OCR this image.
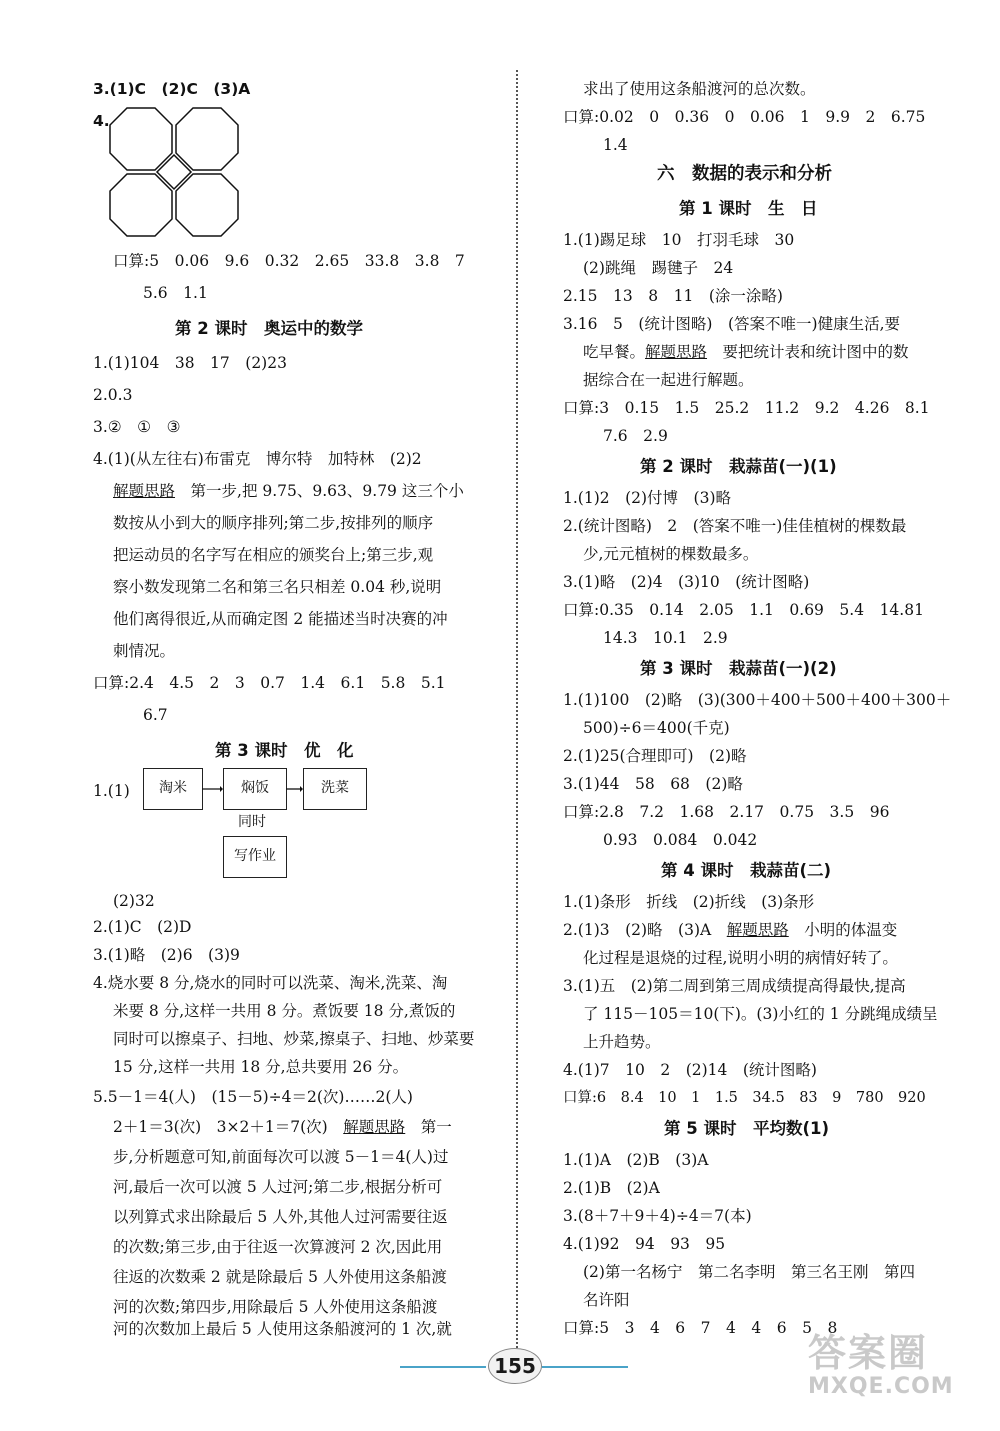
3.(1)C　(2)C　(3)A
4.
口算:5　0.06　9.6　0.32　2.65　33.8　3.8　7
5.6　1.1
第 2 课时　奥运中的数学
1.(1)104　38　17　(2)23
2.0.3
3.②　①　③
4.(1)(从左往右)布雷克　博尔特　加特林　(2)2
解题思路　 第一步,把 9.75、9.63、9.79 这三个小
数按从小到大的顺序排列;第二步,按排列的顺序
把运动员的名字写在相应的颁奖台上;第三步,观
察小数发现第二名和第三名只相差 0.04 秒,说明
他们离得很近,从而确定图 2 能描述当时决赛的冲
刺情况。
口算:2.4　4.5　2　3　0.7　1.4　6.1　5.8　5.1
6.7
第 3 课时　优　化
1.(1)	淘米	焖饭	洗菜
同时
写作业
(2)32
2.(1)C　(2)D
3.(1)略　(2)6　(3)9
4.烧水要 8 分,烧水的同时可以洗菜、淘米,洗菜、淘
米要 8 分,这样一共用 8 分。煮饭要 18 分,煮饭的
同时可以擦桌子、扫地、炒菜,擦桌子、扫地、炒菜要
15 分,这样一共用 18 分,总共要用 26 分。
5.5－1＝4(人)　(15－5)÷4＝2(次)……2(人)
2＋1＝3(次)　3×2＋1＝7(次)　 解题思路　 第一
步,分析题意可知,前面每次可以渡 5－1＝4(人)过
河,最后一次可以渡 5 人过河;第二步,根据分析可
以列算式求出除最后 5 人外,其他人过河需要往返
的次数;第三步,由于往返一次算渡河 2 次,因此用
往返的次数乘 2 就是除最后 5 人外使用这条船渡
河的次数;第四步,用除最后 5 人外使用这条船渡
河的次数加上最后 5 人使用这条船渡河的 1 次,就
求出了使用这条船渡河的总次数。
口算:0.02　0　0.36　0　0.06　1　9.9　2　6.75
1.4
六　数据的表示和分析
第 1 课时　生　日
1.(1)踢足球　10　打羽毛球　30
(2)跳绳　踢毽子　24
2.15　13　8　11　(涂一涂略)
3.16　5　(统计图略)　(答案不唯一)健康生活,要
吃早餐。解题思路　 要把统计表和统计图中的数
据综合在一起进行解题。
口算:3　0.15　1.5　25.2　11.2　9.2　4.26　8.1
7.6　2.9
第 2 课时　栽蒜苗(一)(1)
1.(1)2　(2)付博　(3)略
2.(统计图略)　2　(答案不唯一)佳佳植树的棵数最
少,元元植树的棵数最多。
3.(1)略　(2)4　(3)10　(统计图略)
口算:0.35　0.14　2.05　1.1　0.69　5.4　14.81
14.3　10.1　2.9
第 3 课时　栽蒜苗(一)(2)
1.(1)100　(2)略　(3)(300＋400＋500＋400＋300＋
500)÷6＝400(千克)
2.(1)25(合理即可)　(2)略
3.(1)44　58　68　(2)略
口算:2.8　7.2　1.68　2.17　0.75　3.5　96
0.93　0.084　0.042
第 4 课时　栽蒜苗(二)
1.(1)条形　折线　(2)折线　(3)条形
2.(1)3　(2)略　(3)A　 解题思路　 小明的体温变
化过程是退烧的过程,说明小明的病情好转了。
3.(1)五　(2)第二周到第三周成绩提高得最快,提高
了 115－105＝10(下)。(3)小红的 1 分跳绳成绩呈
上升趋势。
4.(1)7　10　2　(2)14　(统计图略)
口算:6　8.4　10　1　1.5　34.5　83　9　780　920
第 5 课时　平均数(1)
1.(1)A　(2)B　(3)A
2.(1)B　(2)A
3.(8＋7＋9＋4)÷4＝7(本)
4.(1)92　94　93　95
(2)第一名杨宁　第二名李明　第三名王刚　第四
名许阳
口算:5　3　4　6　7　4　4　6　5　8
155	答案圈
MXQE.COM
